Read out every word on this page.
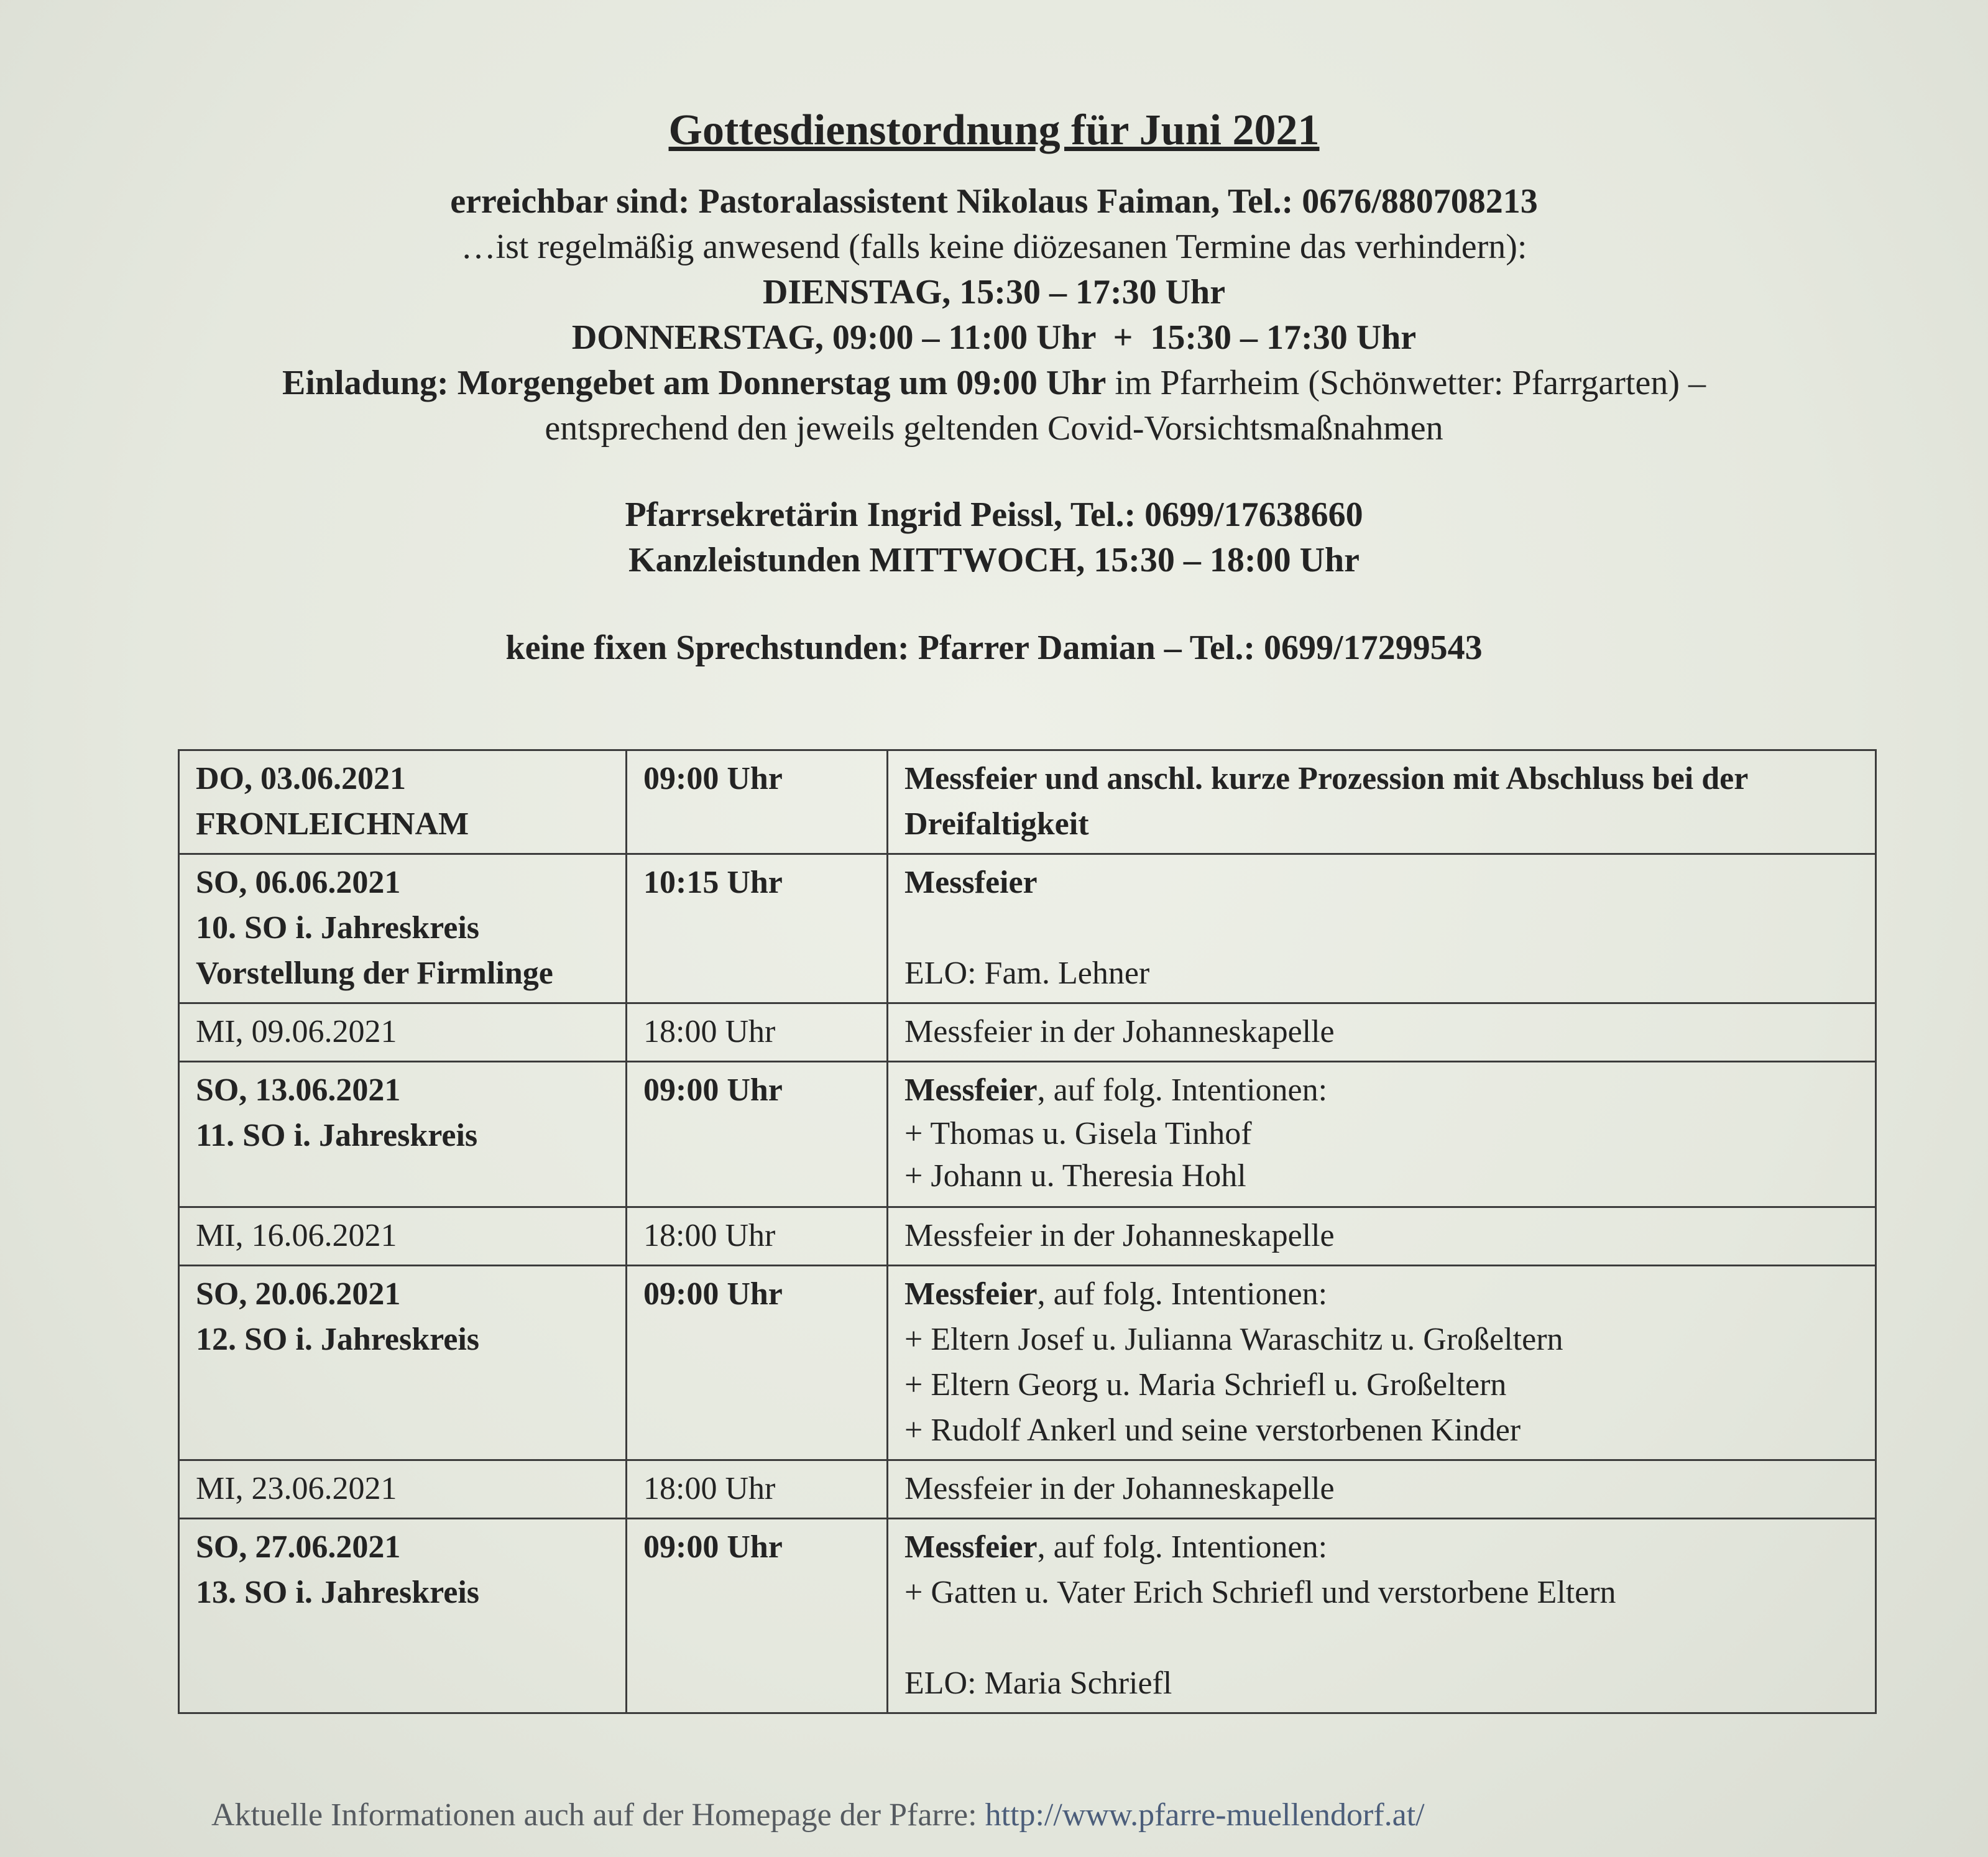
Gottesdienstordnung für Juni 2021
erreichbar sind: Pastoralassistent Nikolaus Faiman, Tel.: 0676/880708213
…ist regelmäßig anwesend (falls keine diözesanen Termine das verhindern):
DIENSTAG, 15:30 – 17:30 Uhr
DONNERSTAG, 09:00 – 11:00 Uhr  +  15:30 – 17:30 Uhr
Einladung: Morgengebet am Donnerstag um 09:00 Uhr im Pfarrheim (Schönwetter: Pfarrgarten) –
entsprechend den jeweils geltenden Covid-Vorsichtsmaßnahmen
Pfarrsekretärin Ingrid Peissl, Tel.: 0699/17638660
Kanzleistunden MITTWOCH, 15:30 – 18:00 Uhr
keine fixen Sprechstunden: Pfarrer Damian – Tel.: 0699/17299543
DO, 03.06.2021
FRONLEICHNAM	09:00 Uhr	Messfeier und anschl. kurze Prozession mit Abschluss bei der Dreifaltigkeit

SO, 06.06.2021
10. SO i. Jahreskreis
Vorstellung der Firmlinge	10:15 Uhr	Messfeier
ELO: Fam. Lehner

MI, 09.06.2021	18:00 Uhr	Messfeier in der Johanneskapelle

SO, 13.06.2021
11. SO i. Jahreskreis	09:00 Uhr	Messfeier, auf folg. Intentionen:
+ Thomas u. Gisela Tinhof
+ Johann u. Theresia Hohl

MI, 16.06.2021	18:00 Uhr	Messfeier in der Johanneskapelle

SO, 20.06.2021
12. SO i. Jahreskreis	09:00 Uhr	Messfeier, auf folg. Intentionen:
+ Eltern Josef u. Julianna Waraschitz u. Großeltern
+ Eltern Georg u. Maria Schriefl u. Großeltern
+ Rudolf Ankerl und seine verstorbenen Kinder

MI, 23.06.2021	18:00 Uhr	Messfeier in der Johanneskapelle

SO, 27.06.2021
13. SO i. Jahreskreis	09:00 Uhr	Messfeier, auf folg. Intentionen:
+ Gatten u. Vater Erich Schriefl und verstorbene Eltern
ELO: Maria Schriefl
Aktuelle Informationen auch auf der Homepage der Pfarre: http://www.pfarre-muellendorf.at/
